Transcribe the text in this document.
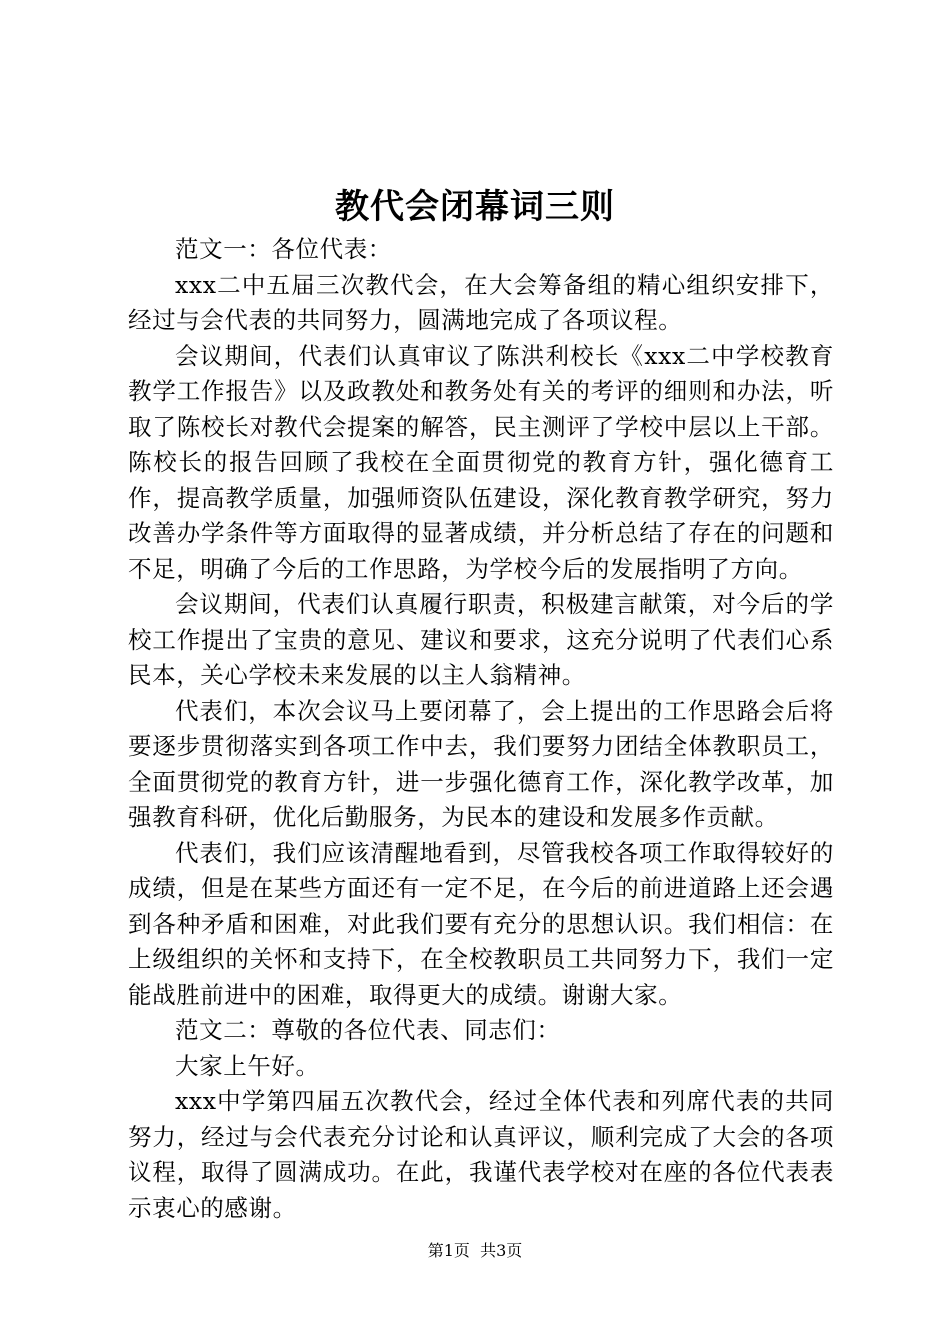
教代会闭幕词三则

范文一：各位代表：

xxx二中五届三次教代会，在大会筹备组的精心组织安排下，经过与会代表的共同努力，圆满地完成了各项议程。

会议期间，代表们认真审议了陈洪利校长《xxx二中学校教育教学工作报告》以及政教处和教务处有关的考评的细则和办法，听取了陈校长对教代会提案的解答，民主测评了学校中层以上干部。陈校长的报告回顾了我校在全面贯彻党的教育方针，强化德育工作，提高教学质量，加强师资队伍建设，深化教育教学研究，努力改善办学条件等方面取得的显著成绩，并分析总结了存在的问题和不足，明确了今后的工作思路，为学校今后的发展指明了方向。

会议期间，代表们认真履行职责，积极建言献策，对今后的学校工作提出了宝贵的意见、建议和要求，这充分说明了代表们心系民本，关心学校未来发展的以主人翁精神。

代表们，本次会议马上要闭幕了，会上提出的工作思路会后将要逐步贯彻落实到各项工作中去，我们要努力团结全体教职员工，全面贯彻党的教育方针，进一步强化德育工作，深化教学改革，加强教育科研，优化后勤服务，为民本的建设和发展多作贡献。

代表们，我们应该清醒地看到，尽管我校各项工作取得较好的成绩，但是在某些方面还有一定不足，在今后的前进道路上还会遇到各种矛盾和困难，对此我们要有充分的思想认识。我们相信：在上级组织的关怀和支持下，在全校教职员工共同努力下，我们一定能战胜前进中的困难，取得更大的成绩。谢谢大家。

范文二：尊敬的各位代表、同志们：

大家上午好。

xxx中学第四届五次教代会，经过全体代表和列席代表的共同努力，经过与会代表充分讨论和认真评议，顺利完成了大会的各项议程，取得了圆满成功。在此，我谨代表学校对在座的各位代表表示衷心的感谢。

第1页 共3页
